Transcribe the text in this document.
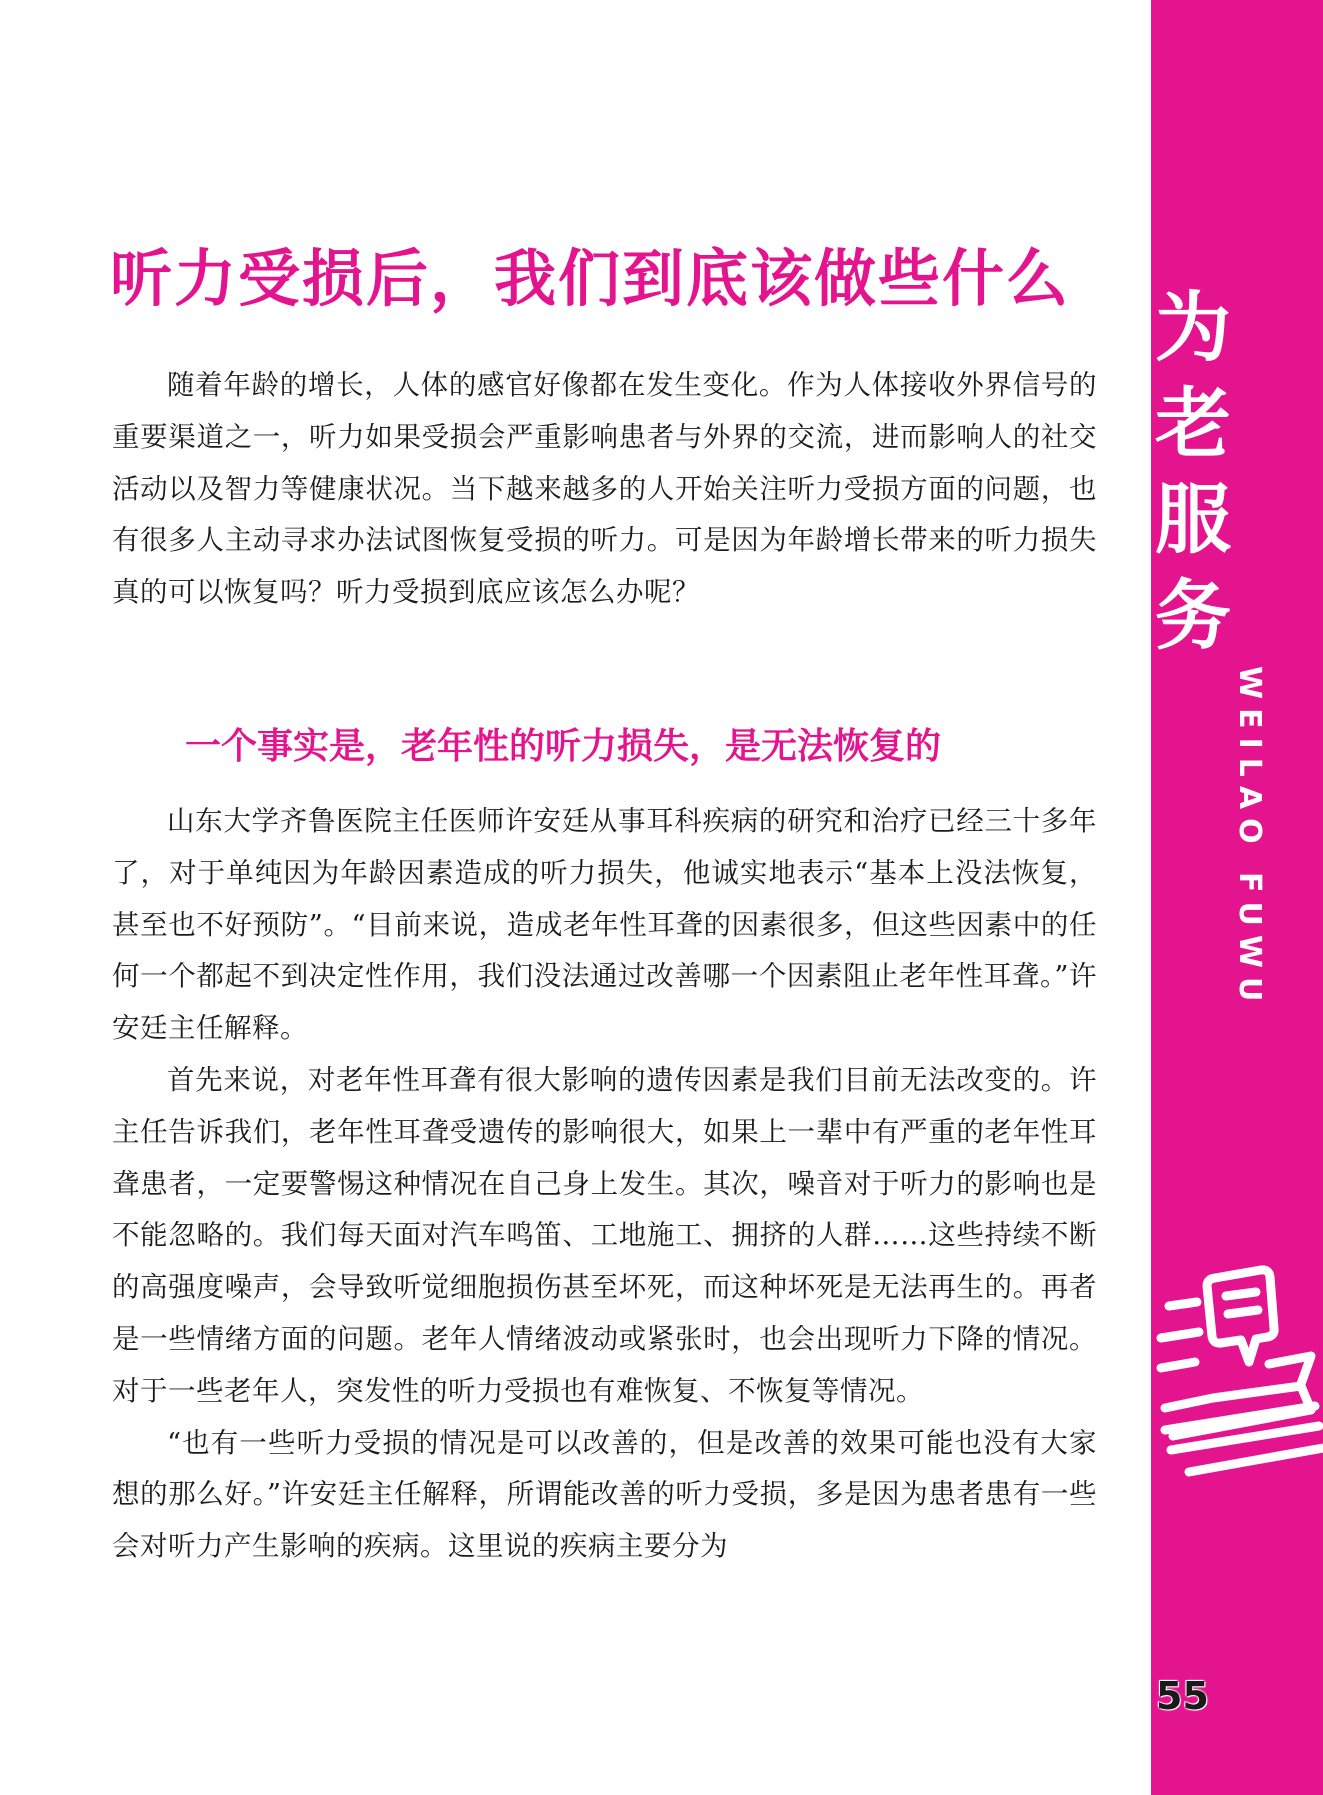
听力受损后，我们到底该做些什么

随着年龄的增长，人体的感官好像都在发生变化。作为人体接收外界信号的重要渠道之一，听力如果受损会严重影响患者与外界的交流，进而影响人的社交活动以及智力等健康状况。当下越来越多的人开始关注听力受损方面的问题，也有很多人主动寻求办法试图恢复受损的听力。可是因为年龄增长带来的听力损失真的可以恢复吗？听力受损到底应该怎么办呢？

一个事实是，老年性的听力损失，是无法恢复的

山东大学齐鲁医院主任医师许安廷从事耳科疾病的研究和治疗已经三十多年了，对于单纯因为年龄因素造成的听力损失，他诚实地表示“基本上没法恢复，甚至也不好预防”。“目前来说，造成老年性耳聋的因素很多，但这些因素中的任何一个都起不到决定性作用，我们没法通过改善哪一个因素阻止老年性耳聋。”许安廷主任解释。

首先来说，对老年性耳聋有很大影响的遗传因素是我们目前无法改变的。许主任告诉我们，老年性耳聋受遗传的影响很大，如果上一辈中有严重的老年性耳聋患者，一定要警惕这种情况在自己身上发生。其次，噪音对于听力的影响也是不能忽略的。我们每天面对汽车鸣笛、工地施工、拥挤的人群……这些持续不断的高强度噪声，会导致听觉细胞损伤甚至坏死，而这种坏死是无法再生的。再者是一些情绪方面的问题。老年人情绪波动或紧张时，也会出现听力下降的情况。对于一些老年人，突发性的听力受损也有难恢复、不恢复等情况。

“也有一些听力受损的情况是可以改善的，但是改善的效果可能也没有大家想的那么好。”许安廷主任解释，所谓能改善的听力受损，多是因为患者患有一些会对听力产生影响的疾病。这里说的疾病主要分为

为
老
服
务

WEILAO FUWU

55
